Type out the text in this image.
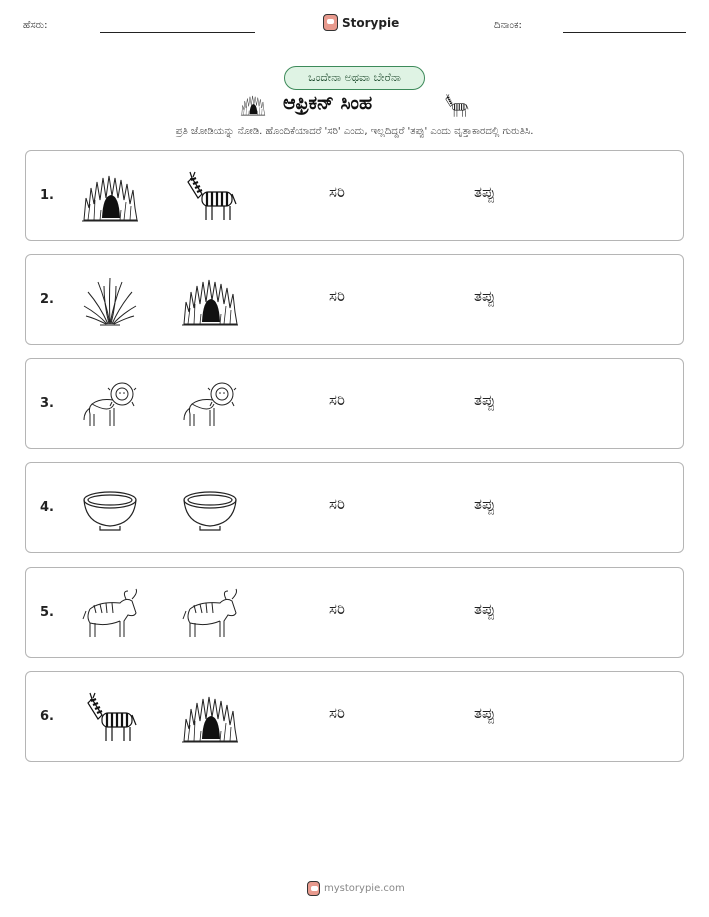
ಹೆಸರು:	Storypie	ದಿನಾಂಕ:
ಒಂದೇನಾ ಅಥವಾ ಬೇರೆನಾ
ಆಫ್ರಿಕನ್ ಸಿಂಹ
ಪ್ರತಿ ಜೋಡಿಯನ್ನು ನೋಡಿ. ಹೊಂದಿಕೆಯಾದರೆ 'ಸರಿ' ಎಂದು, ಇಲ್ಲದಿದ್ದರೆ 'ತಪ್ಪು' ಎಂದು ವೃತ್ತಾಕಾರದಲ್ಲಿ ಗುರುತಿಸಿ.
1.	ಸರಿ	ತಪ್ಪು
2.	ಸರಿ	ತಪ್ಪು
3.	ಸರಿ	ತಪ್ಪು
4.	ಸರಿ	ತಪ್ಪು
5.	ಸರಿ	ತಪ್ಪು
6.	ಸರಿ	ತಪ್ಪು
mystorypie.com
